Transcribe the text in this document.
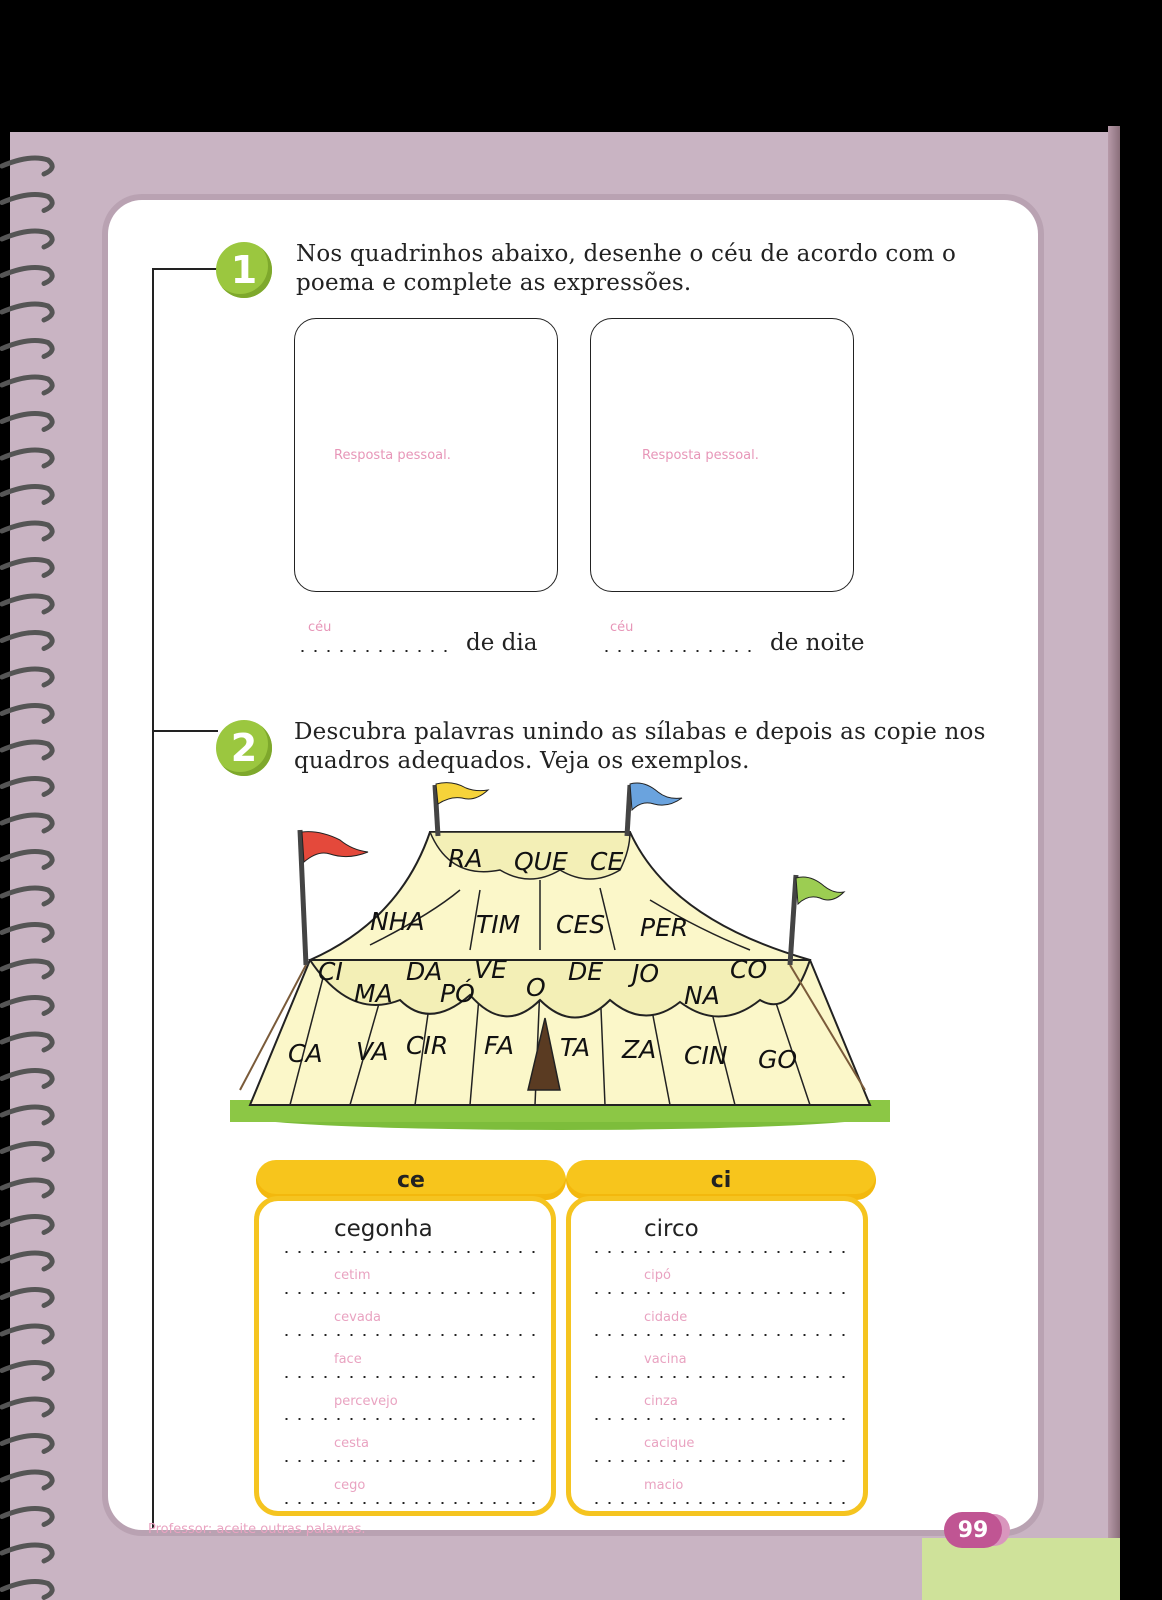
1	Nos quadrinhos abaixo, desenhe o céu de acordo com o
poema e complete as expressões.
Resposta pessoal.	Resposta pessoal.
céu
de dia
céu
de noite
2	Descubra palavras unindo as sílabas e depois as copie nos
quadros adequados. Veja os exemplos.
RA QUE CE
NHA TIM CES PER
CI
MA
DA
PÓ
VE
O
DE JO
NA
CO
CA VA CIR FA TA ZA CIN GO
ce	ci
cegonha
cetim
cevada
face
percevejo
cesta
cego
circo
cipó
cidade
vacina
cinza
cacique
macio
Professor: aceite outras palavras.	99
